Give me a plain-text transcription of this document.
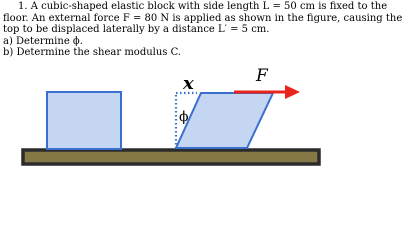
1. A cubic-shaped elastic block with side length L = 50 cm is fixed to the
floor. An external force F = 80 N is applied as shown in the figure, causing the
top to be displaced laterally by a distance L′ = 5 cm.
a) Determine ϕ.
b) Determine the shear modulus C.
x	F
ϕ
